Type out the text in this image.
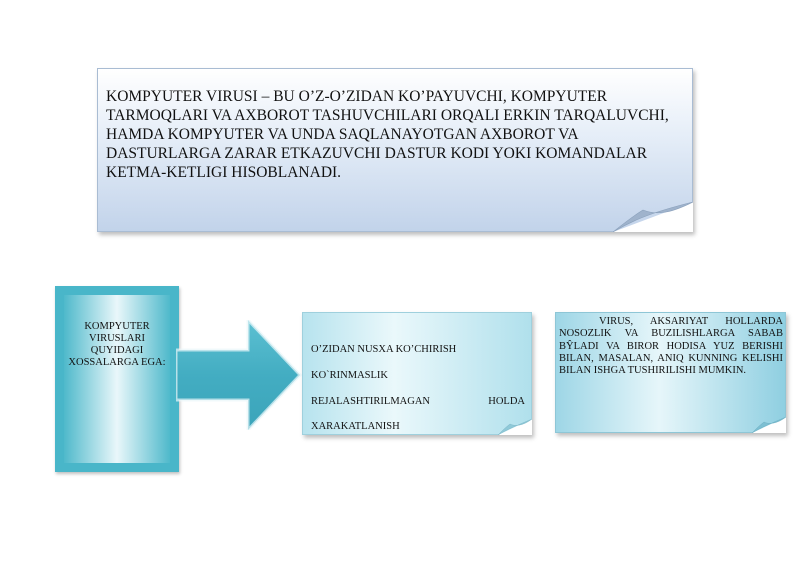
KOMPYUTER VIRUSI – BU O’Z-O’ZIDAN KO’PAYUVCHI, KOMPYUTER TARMOQLARI VA AXBOROT TASHUVCHILARI ORQALI ERKIN TARQALUVCHI, HAMDA KOMPYUTER VA UNDA SAQLANAYOTGAN AXBOROT VA DASTURLARGA ZARAR ETKAZUVCHI DASTUR KODI YOKI KOMANDALAR KETMA-KETLIGI HISOBLANADI.

KOMPYUTER VIRUSLARI QUYIDAGI XOSSALARGA EGA:

O’ZIDAN NUSXA KO’CHIRISH

KO`RINMASLIK

REJALASHTIRILMAGAN	HOLDA

XARAKATLANISH

VIRUS, AKSARIYAT HOLLARDA NOSOZLIK VA BUZILISHLARGA SABAB BŶLADI VA BIROR HODISA YUZ BERISHI BILAN, MASALAN, ANIQ KUNNING KELISHI BILAN ISHGA TUSHIRILISHI MUMKIN.
